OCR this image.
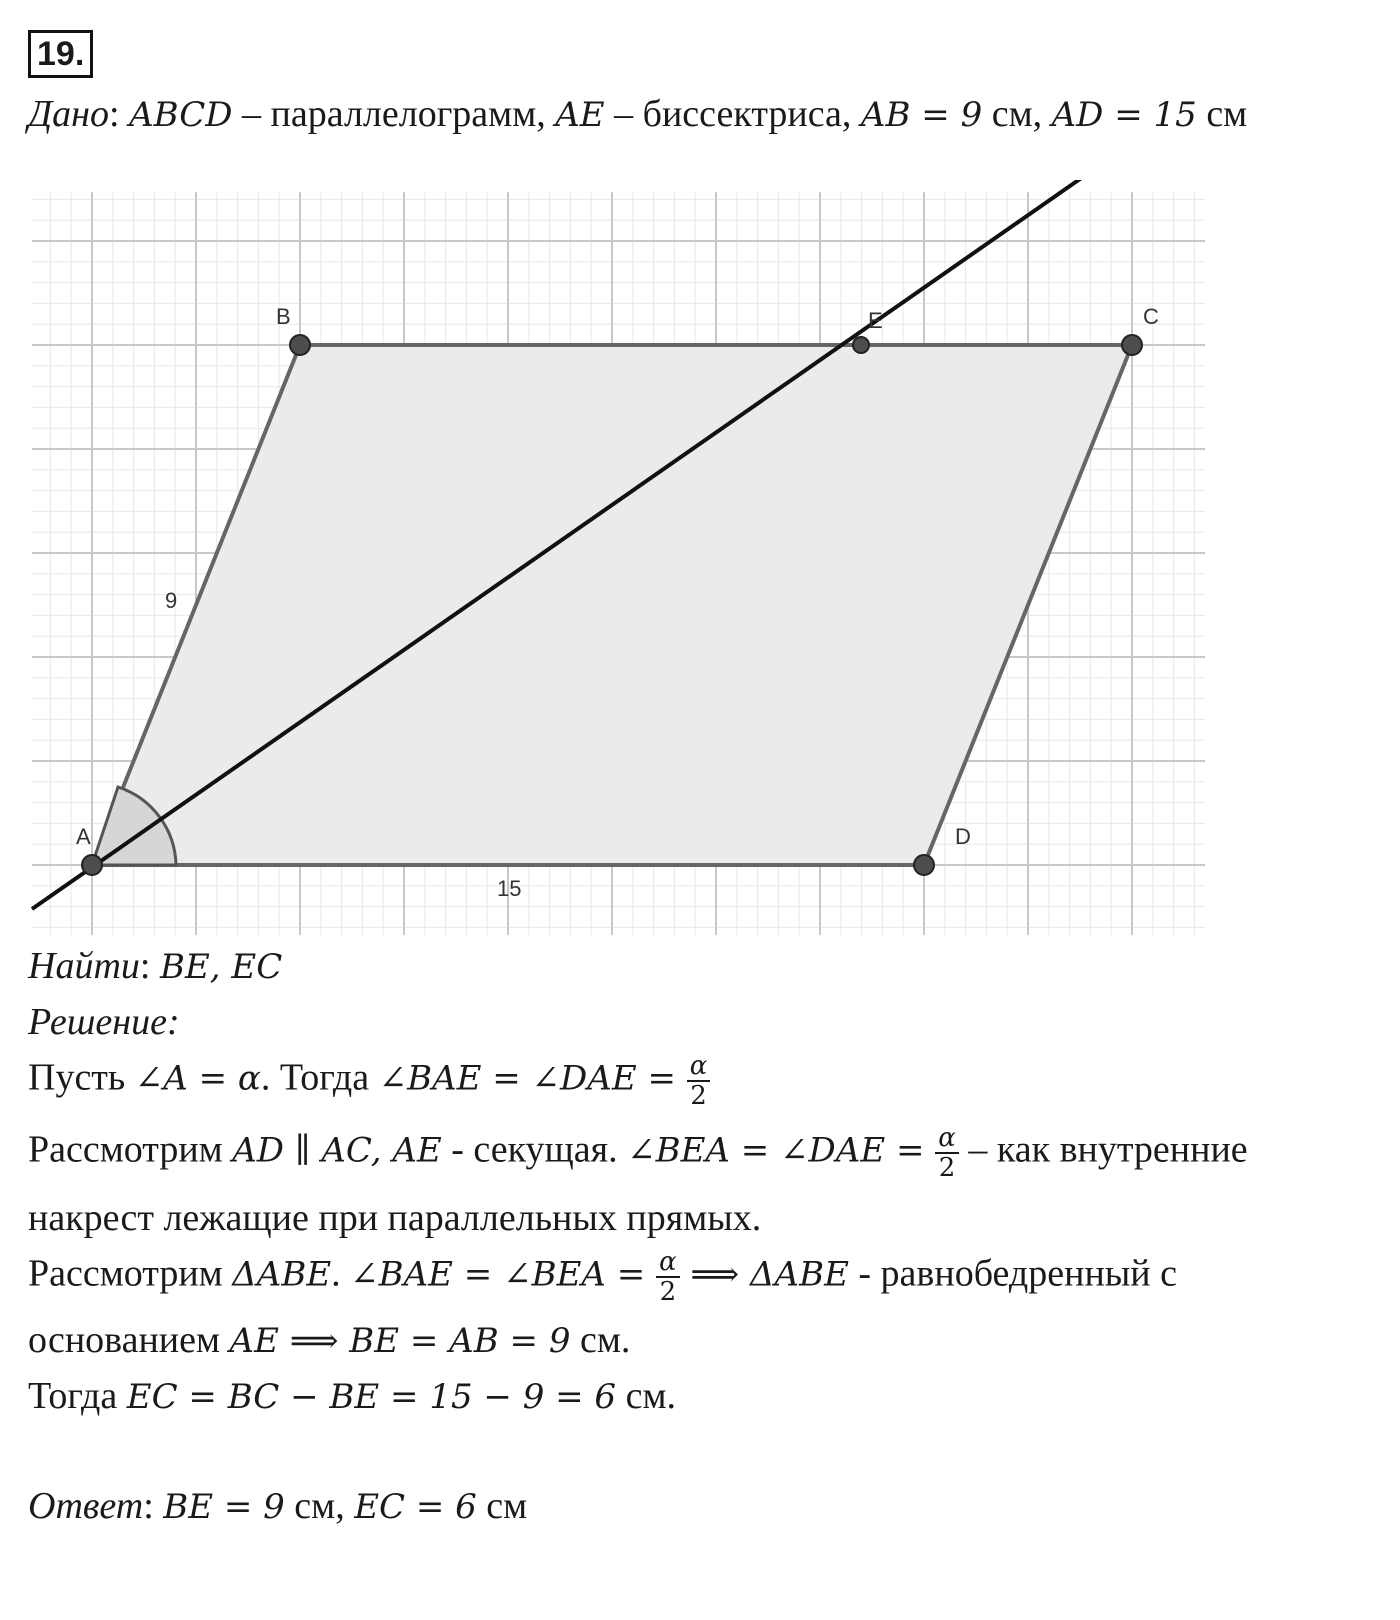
19.
Дано: ABCD – параллелограмм, AE – биссектриса, AB = 9 см, AD = 15 см
A
B	C
D
E
9
15
Найти: BE, EC
Решение:
Пусть ∠A = α. Тогда ∠BAE = ∠DAE = $\frac{\alpha}{2}$
Рассмотрим AD ∥ AC, AE - секущая. ∠BEA = ∠DAE = $\frac{\alpha}{2}$ – как внутренние
накрест лежащие при параллельных прямых.
Рассмотрим ΔABE. ∠BAE = ∠BEA = $\frac{\alpha}{2}$ ⟹ ΔABE - равнобедренный с
основанием AE ⟹ BE = AB = 9 см.
Тогда EC = BC − BE = 15 − 9 = 6 см.
Ответ: BE = 9 см, EC = 6 см
